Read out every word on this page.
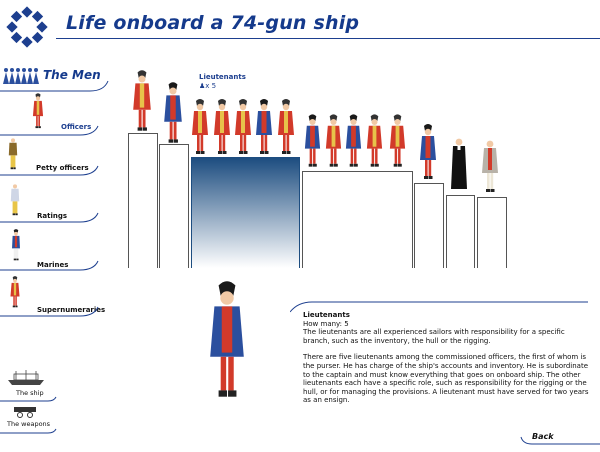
M Life onboard a 74-gun ship
The Men
Officers
Petty officers
Ratings
Marines
Supernumeraries
The ship
The weapons
Lieutenants
♟x 5

Lieutenants

How many: 5

The lieutenants are all experienced sailors with responsibility for a specific branch, such as the inventory, the hull or the rigging.

There are five lieutenants among the commissioned officers, the first of whom is the purser. He has charge of the ship's accounts and inventory. He is subordinate to the captain and must know everything that goes on onboard ship. The other lieutenants each have a specific role, such as responsibility for the rigging or the hull, or for managing the provisions. A lieutenant must have served for two years as an ensign.

Back
